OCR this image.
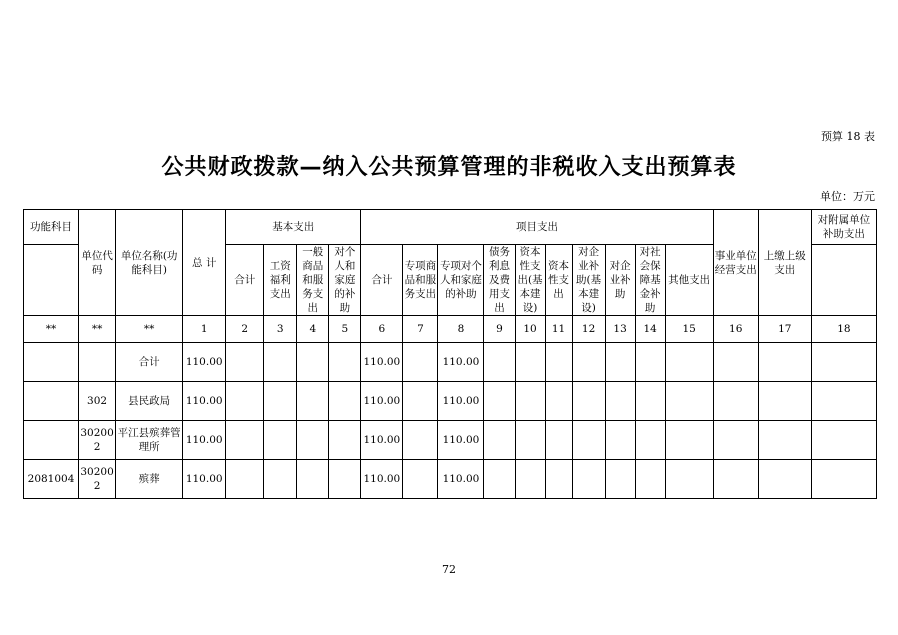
预算 18 表
公共财政拨款—纳入公共预算管理的非税收入支出预算表
单位：万元
功能科目	单位代码	单位名称(功能科目)	总 计	基本支出				项目支出										事业单位经营支出	上缴上级支出	对附属单位补助支出
				合计	工资福利支出	一般商品和服务支出	对个人和家庭的补助	合计	专项商品和服务支出	专项对个人和家庭的补助	债务利息及费用支出	资本性支出(基本建设)	资本性支出	对企业补助(基本建设)	对企业补助	对社会保障基金补助	其他支出			

**	**	**	1	2	3	4	5	6	7	8	9	10	11	12	13	14	15	16	17	18
		合计	110.00					110.00		110.00										
	302	县民政局	110.00					110.00		110.00										
	302002	平江县殡葬管理所	110.00					110.00		110.00										
2081004	302002	殡葬	110.00					110.00		110.00										
72
